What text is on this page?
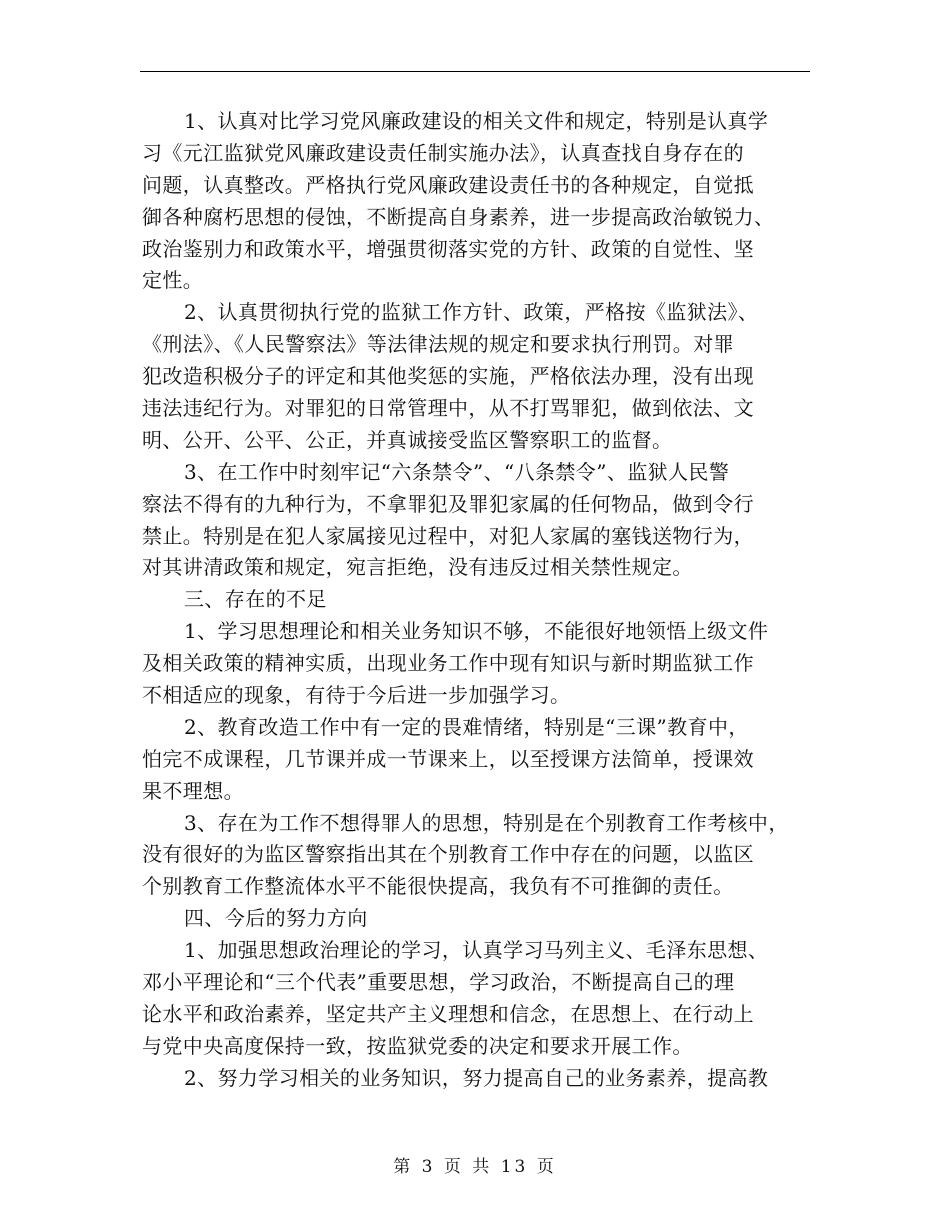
1、认真对比学习党风廉政建设的相关文件和规定，特别是认真学
习《元江监狱党风廉政建设责任制实施办法》，认真查找自身存在的
问题，认真整改。严格执行党风廉政建设责任书的各种规定，自觉抵
御各种腐朽思想的侵蚀，不断提高自身素养，进一步提高政治敏锐力、
政治鉴别力和政策水平，增强贯彻落实党的方针、政策的自觉性、坚
定性。
2、认真贯彻执行党的监狱工作方针、政策，严格按《监狱法》、
《刑法》、《人民警察法》等法律法规的规定和要求执行刑罚。对罪
犯改造积极分子的评定和其他奖惩的实施，严格依法办理，没有出现
违法违纪行为。对罪犯的日常管理中，从不打骂罪犯，做到依法、文
明、公开、公平、公正，并真诚接受监区警察职工的监督。
3、在工作中时刻牢记“六条禁令”、“八条禁令”、监狱人民警
察法不得有的九种行为，不拿罪犯及罪犯家属的任何物品，做到令行
禁止。特别是在犯人家属接见过程中，对犯人家属的塞钱送物行为，
对其讲清政策和规定，宛言拒绝，没有违反过相关禁性规定。
三、存在的不足
1、学习思想理论和相关业务知识不够，不能很好地领悟上级文件
及相关政策的精神实质，出现业务工作中现有知识与新时期监狱工作
不相适应的现象，有待于今后进一步加强学习。
2、教育改造工作中有一定的畏难情绪，特别是“三课”教育中，
怕完不成课程，几节课并成一节课来上，以至授课方法简单，授课效
果不理想。
3、存在为工作不想得罪人的思想，特别是在个别教育工作考核中，
没有很好的为监区警察指出其在个别教育工作中存在的问题，以监区
个别教育工作整流体水平不能很快提高，我负有不可推御的责任。
四、今后的努力方向
1、加强思想政治理论的学习，认真学习马列主义、毛泽东思想、
邓小平理论和“三个代表”重要思想，学习政治，不断提高自己的理
论水平和政治素养，坚定共产主义理想和信念，在思想上、在行动上
与党中央高度保持一致，按监狱党委的决定和要求开展工作。
2、努力学习相关的业务知识，努力提高自己的业务素养，提高教
第 3 页 共 13 页
